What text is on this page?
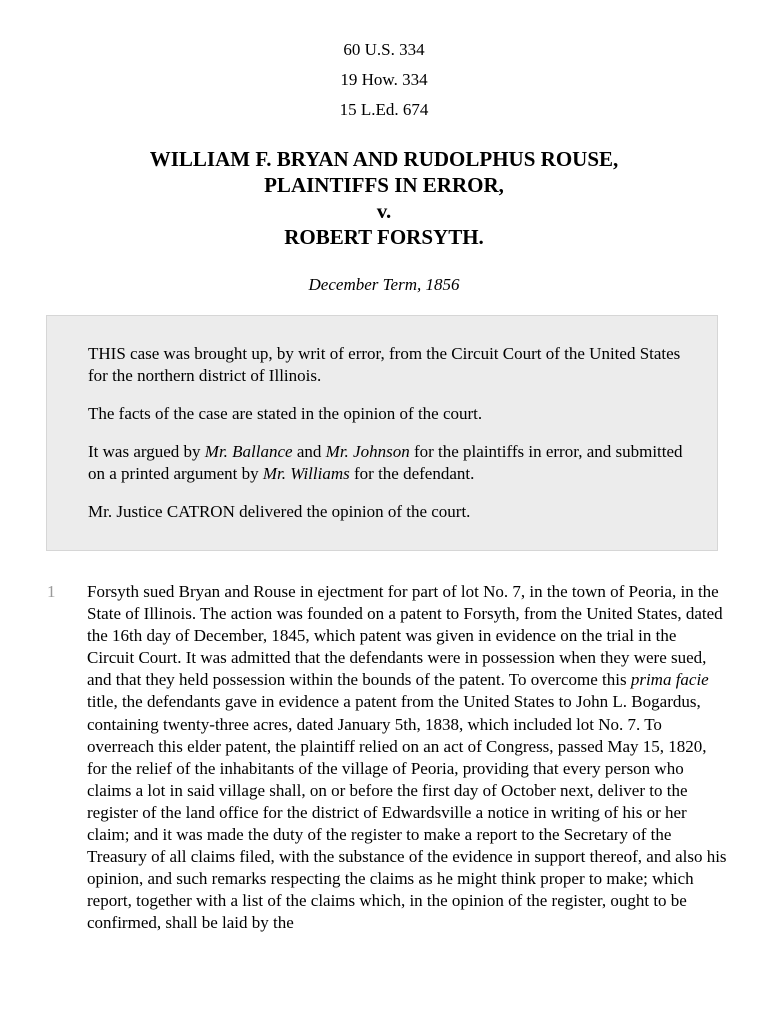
60 U.S. 334
19 How. 334
15 L.Ed. 674
WILLIAM F. BRYAN AND RUDOLPHUS ROUSE,
PLAINTIFFS IN ERROR,
v.
ROBERT FORSYTH.
December Term, 1856

THIS case was brought up, by writ of error, from the Circuit Court of the United States for the northern district of Illinois.

The facts of the case are stated in the opinion of the court.

It was argued by Mr. Ballance and Mr. Johnson for the plaintiffs in error, and submitted on a printed argument by Mr. Williams for the defendant.

Mr. Justice CATRON delivered the opinion of the court.

1 Forsyth sued Bryan and Rouse in ejectment for part of lot No. 7, in the town of Peoria, in the State of Illinois. The action was founded on a patent to Forsyth, from the United States, dated the 16th day of December, 1845, which patent was given in evidence on the trial in the Circuit Court. It was admitted that the defendants were in possession when they were sued, and that they held possession within the bounds of the patent. To overcome this prima facie title, the defendants gave in evidence a patent from the United States to John L. Bogardus, containing twenty-three acres, dated January 5th, 1838, which included lot No. 7. To overreach this elder patent, the plaintiff relied on an act of Congress, passed May 15, 1820, for the relief of the inhabitants of the village of Peoria, providing that every person who claims a lot in said village shall, on or before the first day of October next, deliver to the register of the land office for the district of Edwardsville a notice in writing of his or her claim; and it was made the duty of the register to make a report to the Secretary of the Treasury of all claims filed, with the substance of the evidence in support thereof, and also his opinion, and such remarks respecting the claims as he might think proper to make; which report, together with a list of the claims which, in the opinion of the register, ought to be confirmed, shall be laid by the
